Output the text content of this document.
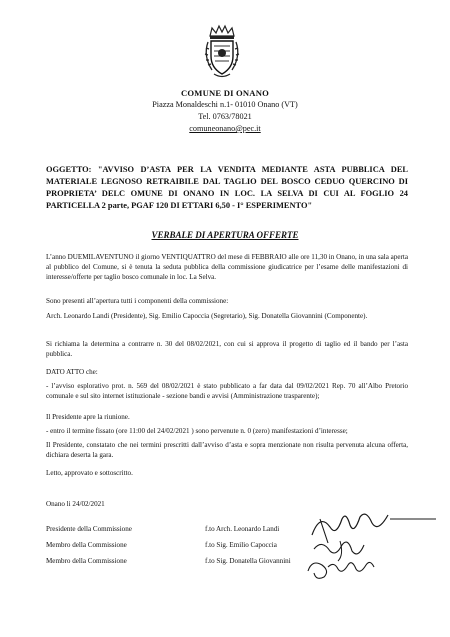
COMUNE DI ONANO
Piazza Monaldeschi n.1- 01010 Onano (VT)
Tel. 0763/78021
comuneonano@pec.it
OGGETTO: "AVVISO D’ASTA PER LA VENDITA MEDIANTE ASTA PUBBLICA DEL MATERIALE LEGNOSO RETRAIBILE DAL TAGLIO DEL BOSCO CEDUO QUERCINO DI PROPRIETA’ DELC OMUNE DI ONANO IN LOC. LA SELVA DI CUI AL FOGLIO 24 PARTICELLA 2 parte, PGAF 120 DI ETTARI 6,50 - I° ESPERIMENTO"
VERBALE DI APERTURA OFFERTE
L’anno DUEMILAVENTUNO il giorno VENTIQUATTRO del mese di FEBBRAIO alle ore 11,30 in Onano, in una sala aperta al pubblico del Comune, si è tenuta la seduta pubblica della commissione giudicatrice per l’esame delle manifestazioni di interesse/offerte per taglio bosco comunale in loc. La Selva.
Sono presenti all’apertura tutti i componenti della commissione:
Arch. Leonardo Landi (Presidente), Sig. Emilio Capoccia (Segretario), Sig. Donatella Giovannini (Componente).
Si richiama la determina a contrarre n. 30 del 08/02/2021, con cui si approva il progetto di taglio ed il bando per l’asta pubblica.
DATO ATTO che:
- l’avviso esplorativo prot. n. 569 del 08/02/2021 è stato pubblicato a far data dal 09/02/2021 Rep. 70 all’Albo Pretorio comunale e sul sito internet istituzionale - sezione bandi e avvisi (Amministrazione trasparente);
Il Presidente apre la riunione.
- entro il termine fissato (ore 11:00 del 24/02/2021 ) sono pervenute n. 0 (zero) manifestazioni d’interesse;
Il Presidente, constatato che nei termini prescritti dall’avviso d’asta e sopra menzionate non risulta pervenuta alcuna offerta, dichiara deserta la gara.
Letto, approvato e sottoscritto.
Onano li 24/02/2021
Presidente della Commissione	f.to Arch. Leonardo Landi
Membro della Commissione	f.to Sig. Emilio Capoccia
Membro della Commissione	f.to Sig. Donatella Giovannini
